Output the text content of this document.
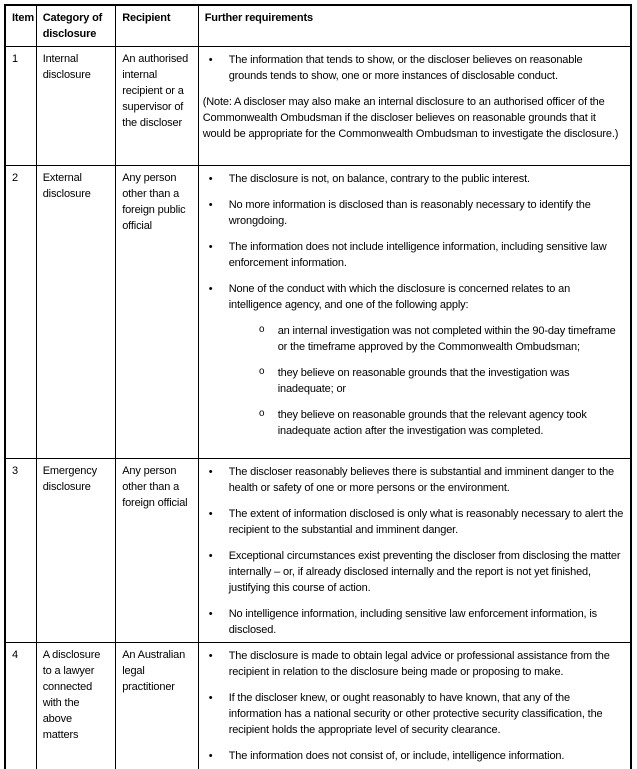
Item	Category of disclosure	Recipient	Further requirements
1	Internal disclosure	An authorised internal recipient or a supervisor of the discloser	• The information that tends to show, or the discloser believes on reasonable grounds tends to show, one or more instances of disclosable conduct.
(Note: A discloser may also make an internal disclosure to an authorised officer of the Commonwealth Ombudsman if the discloser believes on reasonable grounds that it would be appropriate for the Commonwealth Ombudsman to investigate the disclosure.)

2	External disclosure	Any person other than a foreign public official	
• The disclosure is not, on balance, contrary to the public interest.
• No more information is disclosed than is reasonably necessary to identify the wrongdoing.
• The information does not include intelligence information, including sensitive law enforcement information.
• None of the conduct with which the disclosure is concerned relates to an intelligence agency, and one of the following apply:
o an internal investigation was not completed within the 90-day timeframe or the timeframe approved by the Commonwealth Ombudsman;
o they believe on reasonable grounds that the investigation was inadequate; or
o they believe on reasonable grounds that the relevant agency took inadequate action after the investigation was completed.

3	Emergency disclosure	Any person other than a foreign official	
• The discloser reasonably believes there is substantial and imminent danger to the health or safety of one or more persons or the environment.
• The extent of information disclosed is only what is reasonably necessary to alert the recipient to the substantial and imminent danger.
• Exceptional circumstances exist preventing the discloser from disclosing the matter internally – or, if already disclosed internally and the report is not yet finished, justifying this course of action.
• No intelligence information, including sensitive law enforcement information, is disclosed.

4	A disclosure to a lawyer connected with the above matters	An Australian legal practitioner	
• The disclosure is made to obtain legal advice or professional assistance from the recipient in relation to the disclosure being made or proposing to make.
• If the discloser knew, or ought reasonably to have known, that any of the information has a national security or other protective security classification, the recipient holds the appropriate level of security clearance.
• The information does not consist of, or include, intelligence information.
